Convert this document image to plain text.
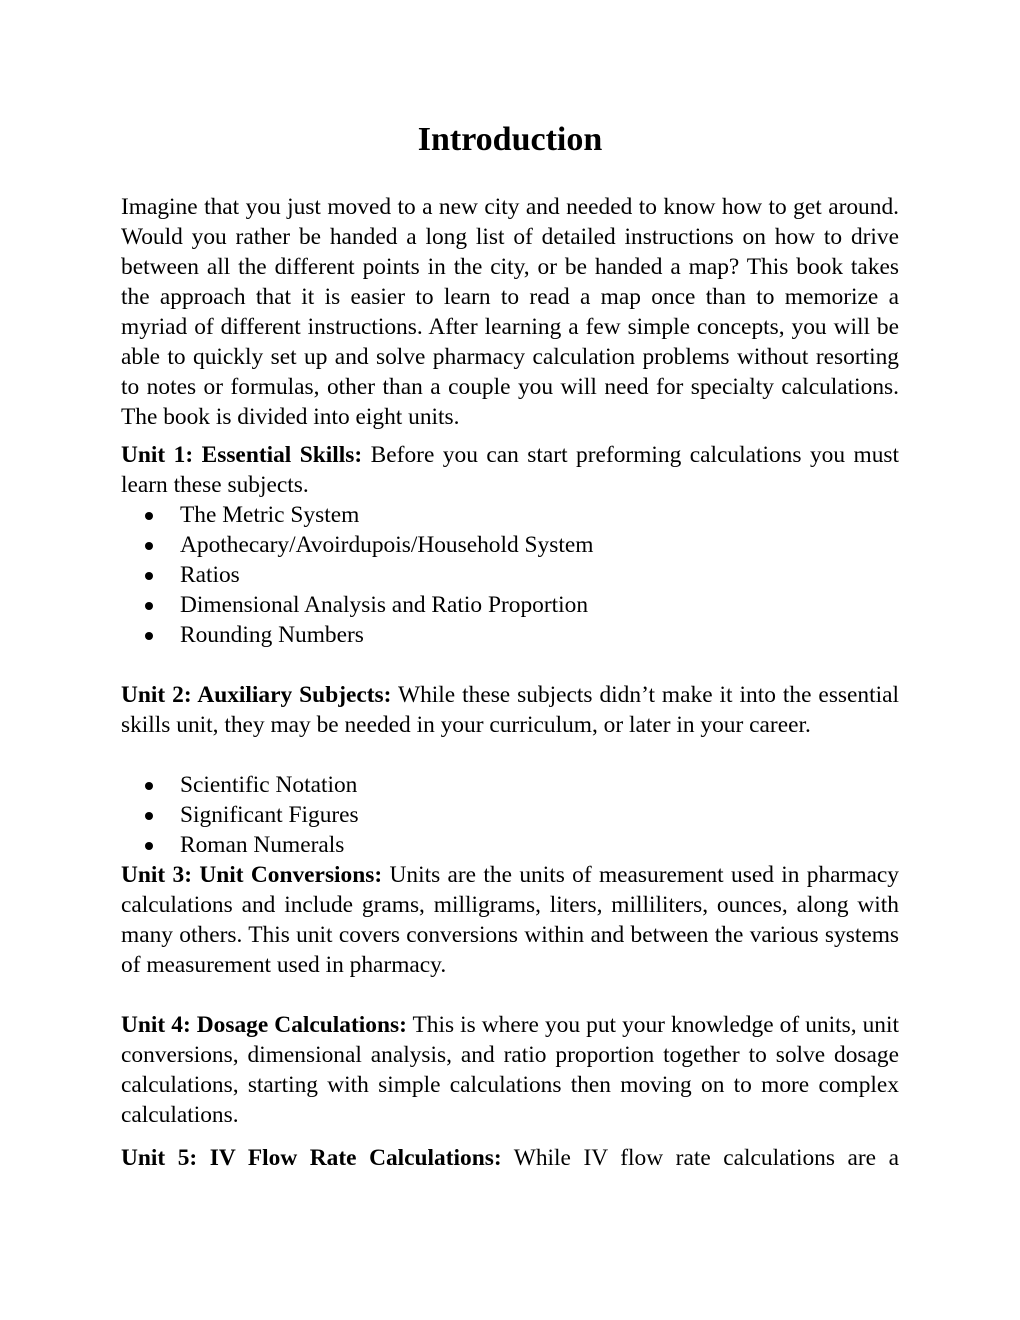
Introduction

Imagine that you just moved to a new city and needed to know how to get around. Would you rather be handed a long list of detailed instructions on how to drive between all the different points in the city, or be handed a map? This book takes the approach that it is easier to learn to read a map once than to memorize a myriad of different instructions. After learning a few simple concepts, you will be able to quickly set up and solve pharmacy calculation problems without resorting to notes or formulas, other than a couple you will need for specialty calculations. The book is divided into eight units.

Unit 1: Essential Skills: Before you can start preforming calculations you must learn these subjects.

The Metric System
Apothecary/Avoirdupois/Household System
Ratios
Dimensional Analysis and Ratio Proportion
Rounding Numbers

Unit 2: Auxiliary Subjects: While these subjects didn’t make it into the essential skills unit, they may be needed in your curriculum, or later in your career.

Scientific Notation
Significant Figures
Roman Numerals

Unit 3: Unit Conversions: Units are the units of measurement used in pharmacy calculations and include grams, milligrams, liters, milliliters, ounces, along with many others. This unit covers conversions within and between the various systems of measurement used in pharmacy.

Unit 4: Dosage Calculations: This is where you put your knowledge of units, unit conversions, dimensional analysis, and ratio proportion together to solve dosage calculations, starting with simple calculations then moving on to more complex calculations.

Unit 5: IV Flow Rate Calculations: While IV flow rate calculations are a
